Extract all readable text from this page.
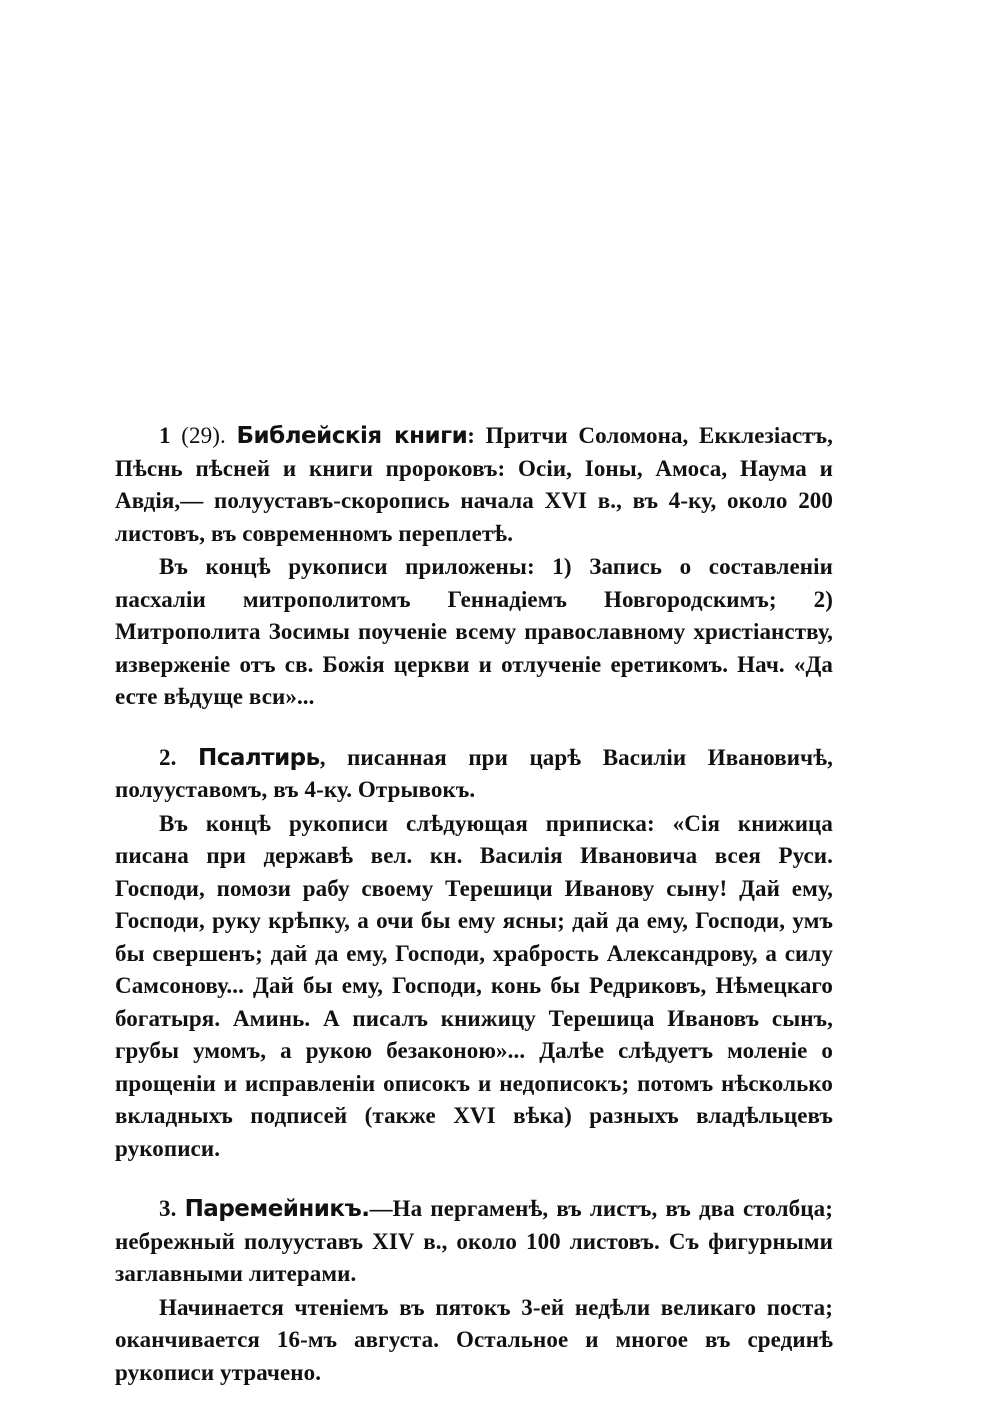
1 (29). Библейскія книги: Притчи Соломона, Екклезіастъ, Пѣснь пѣсней и книги пророковъ: Осіи, Іоны, Амоса, Наума и Авдія,— полууставъ-скоропись начала XVI в., въ 4-ку, около 200 листовъ, въ современномъ переплетѣ.

Въ концѣ рукописи приложены: 1) Запись о составленіи пасхаліи митрополитомъ Геннадіемъ Новгородскимъ; 2) Митрополита Зосимы поученіе всему православному христіанству, изверженіе отъ св. Божія церкви и отлученіе еретикомъ. Нач. «Да есте вѣдуще вси»...

2. Псалтирь, писанная при царѣ Василіи Ивановичѣ, полууставомъ, въ 4-ку. Отрывокъ.

Въ концѣ рукописи слѣдующая приписка: «Сія книжица писана при державѣ вел. кн. Василія Ивановича всея Руси. Господи, помози рабу своему Терешици Иванову сыну! Дай ему, Господи, руку крѣпку, а очи бы ему ясны; дай да ему, Господи, умъ бы свершенъ; дай да ему, Господи, храбрость Александрову, а силу Самсонову... Дай бы ему, Господи, конь бы Редриковъ, Нѣмецкаго богатыря. Аминь. А писалъ книжицу Терешица Ивановъ сынъ, грубы умомъ, а рукою безаконою»... Далѣе слѣдуетъ моленіе о прощеніи и исправленіи описокъ и недописокъ; потомъ нѣсколько вкладныхъ подписей (также XVI вѣка) разныхъ владѣльцевъ рукописи.

3. Паремейникъ.—На пергаменѣ, въ листъ, въ два столбца; небрежный полууставъ XIV в., около 100 листовъ. Съ фигурными заглавными литерами.

Начинается чтеніемъ въ пятокъ 3-ей недѣли великаго поста; оканчивается 16-мъ августа. Остальное и многое въ срединѣ рукописи утрачено.
